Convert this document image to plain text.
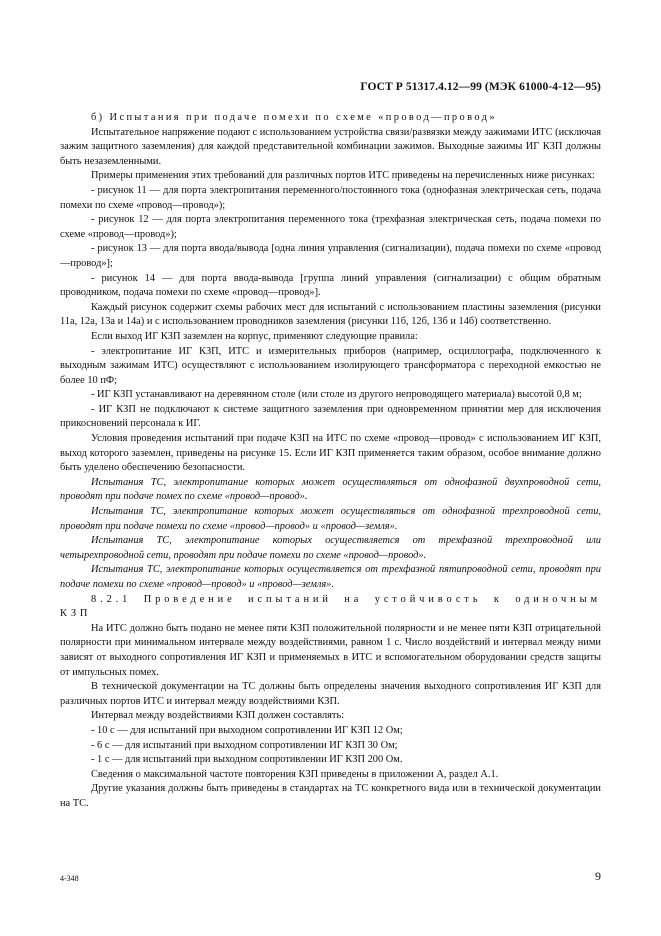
ГОСТ Р 51317.4.12—99 (МЭК 61000-4-12—95)

б) Испытания при подаче помехи по схеме «провод—провод»

Испытательное напряжение подают с использованием устройства связи/развязки между зажимами ИТС (исключая зажим защитного заземления) для каждой представительной комбинации зажимов. Выходные зажимы ИГ КЗП должны быть незаземленными.

Примеры применения этих требований для различных портов ИТС приведены на перечисленных ниже рисунках:

- рисунок 11 — для порта электропитания переменного/постоянного тока (однофазная электрическая сеть, подача помехи по схеме «провод—провод»);

- рисунок 12 — для порта электропитания переменного тока (трехфазная электрическая сеть, подача помехи по схеме «провод—провод»);

- рисунок 13 — для порта ввода/вывода [одна линия управления (сигнализации), подача помехи по схеме «провод—провод»];

- рисунок 14 — для порта ввода-вывода [группа линий управления (сигнализации) с общим обратным проводником, подача помехи по схеме «провод—провод»].

Каждый рисунок содержит схемы рабочих мест для испытаний с использованием пластины заземления (рисунки 11а, 12а, 13а и 14а) и с использованием проводников заземления (рисунки 11б, 12б, 13б и 14б) соответственно.

Если выход ИГ КЗП заземлен на корпус, применяют следующие правила:

- электропитание ИГ КЗП, ИТС и измерительных приборов (например, осциллографа, подключенного к выходным зажимам ИТС) осуществляют с использованием изолирующего трансформатора с переходной емкостью не более 10 пФ;

- ИГ КЗП устанавливают на деревянном столе (или столе из другого непроводящего материала) высотой 0,8 м;

- ИГ КЗП не подключают к системе защитного заземления при одновременном принятии мер для исключения прикосновений персонала к ИГ.

Условия проведения испытаний при подаче КЗП на ИТС по схеме «провод—провод» с использованием ИГ КЗП, выход которого заземлен, приведены на рисунке 15. Если ИГ КЗП применяется таким образом, особое внимание должно быть уделено обеспечению безопасности.

Испытания ТС, электропитание которых может осуществляться от однофазной двухпроводной сети, проводят при подаче помех по схеме «провод—провод».

Испытания ТС, электропитание которых может осуществляться от однофазной трехпроводной сети, проводят при подаче помехи по схеме «провод—провод» и «провод—земля».

Испытания ТС, электропитание которых осуществляется от трехфазной трехпроводной или четырехпроводной сети, проводят при подаче помехи по схеме «провод—провод».

Испытания ТС, электропитание которых осуществляется от трехфазной пятипроводной сети, проводят при подаче помехи по схеме «провод—провод» и «провод—земля».

8.2.1 Проведение испытаний на устойчивость к одиночным КЗП

На ИТС должно быть подано не менее пяти КЗП положительной полярности и не менее пяти КЗП отрицательной полярности при минимальном интервале между воздействиями, равном 1 с. Число воздействий и интервал между ними зависят от выходного сопротивления ИГ КЗП и применяемых в ИТС и вспомогательном оборудовании средств защиты от импульсных помех.

В технической документации на ТС должны быть определены значения выходного сопротивления ИГ КЗП для различных портов ИТС и интервал между воздействиями КЗП.

Интервал между воздействиями КЗП должен составлять:

- 10 с — для испытаний при выходном сопротивлении ИГ КЗП 12 Ом;

- 6 с — для испытаний при выходном сопротивлении ИГ КЗП 30 Ом;

- 1 с — для испытаний при выходном сопротивлении ИГ КЗП 200 Ом.

Сведения о максимальной частоте повторения КЗП приведены в приложении А, раздел А.1.

Другие указания должны быть приведены в стандартах на ТС конкретного вида или в технической документации на ТС.

4-348	9
